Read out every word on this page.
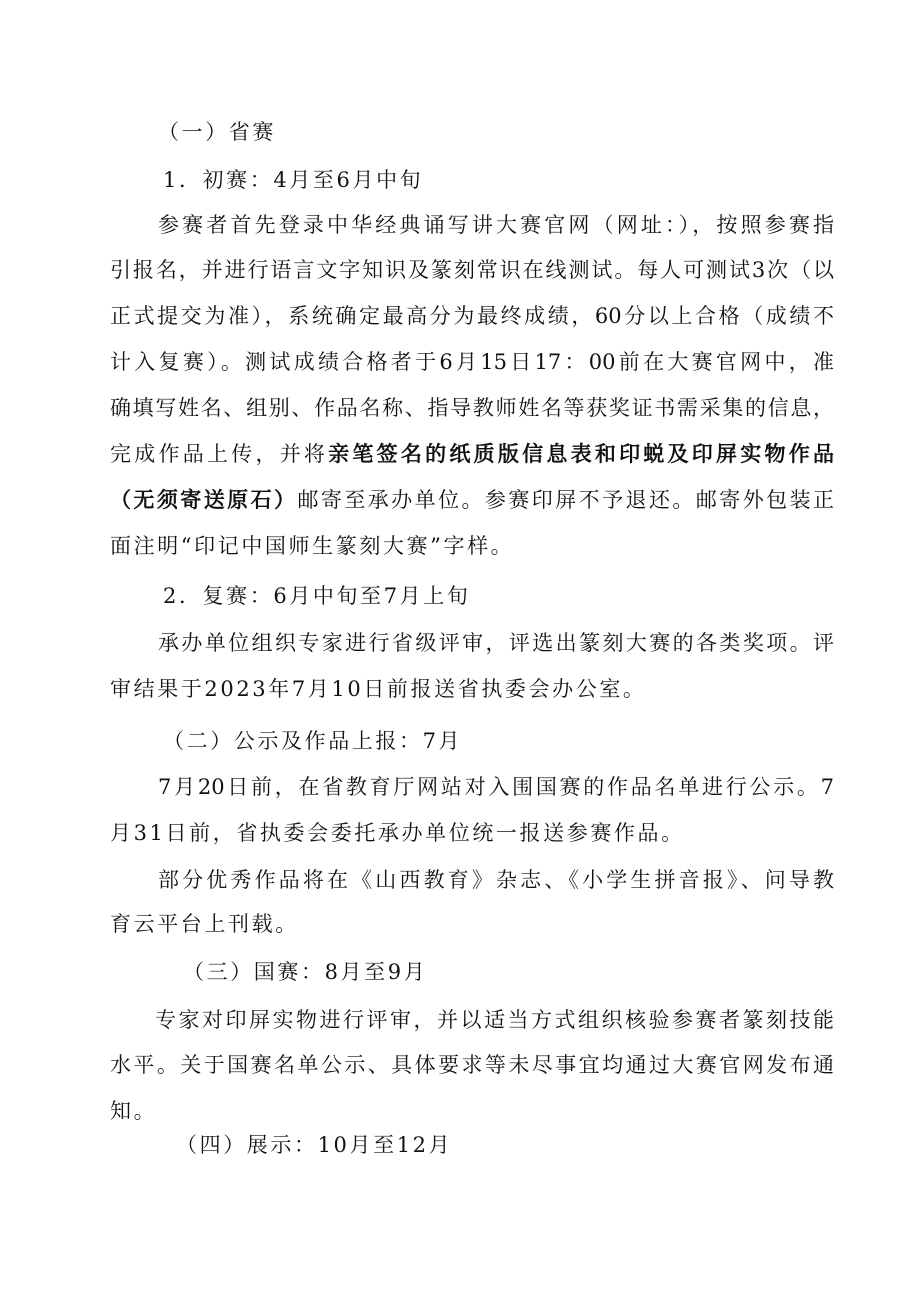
（一）省赛
1．初赛：4月至6月中旬
参赛者首先登录中华经典诵写讲大赛官网（网址：），按照参赛指
引报名，并进行语言文字知识及篆刻常识在线测试。每人可测试3次（以
正式提交为准），系统确定最高分为最终成绩，60分以上合格（成绩不
计入复赛）。测试成绩合格者于6月15日17：00前在大赛官网中，准
确填写姓名、组别、作品名称、指导教师姓名等获奖证书需采集的信息，
完成作品上传，并将亲笔签名的纸质版信息表和印蜕及印屏实物作品
（无须寄送原石）邮寄至承办单位。参赛印屏不予退还。邮寄外包装正
面注明“印记中国师生篆刻大赛”字样。
2．复赛：6月中旬至7月上旬
承办单位组织专家进行省级评审，评选出篆刻大赛的各类奖项。评
审结果于2023年7月10日前报送省执委会办公室。
（二）公示及作品上报：7月
7月20日前，在省教育厅网站对入围国赛的作品名单进行公示。7
月31日前，省执委会委托承办单位统一报送参赛作品。
部分优秀作品将在《山西教育》杂志、《小学生拼音报》、问导教
育云平台上刊载。
（三）国赛：8月至9月
专家对印屏实物进行评审，并以适当方式组织核验参赛者篆刻技能
水平。关于国赛名单公示、具体要求等未尽事宜均通过大赛官网发布通
知。
（四）展示：10月至12月
